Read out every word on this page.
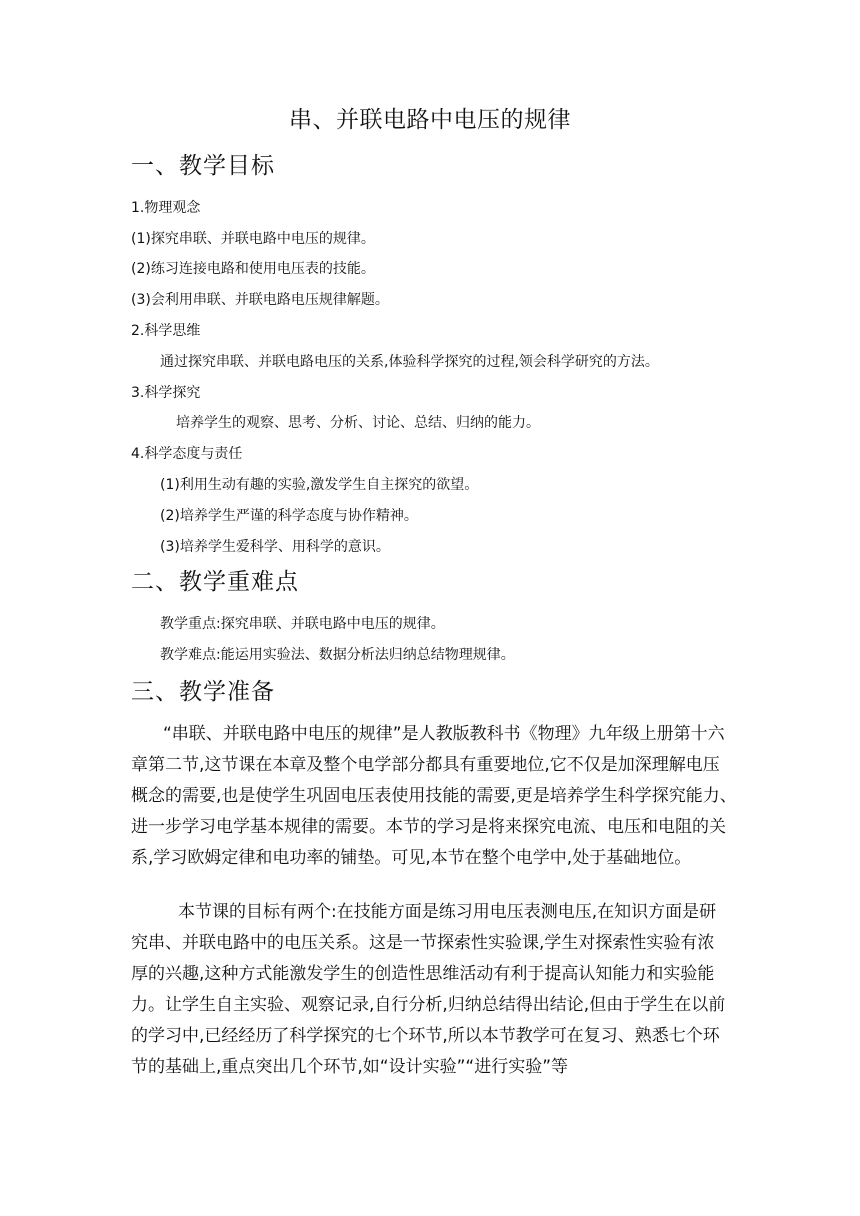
串、并联电路中电压的规律
一、教学目标
1.物理观念
(1)探究串联、并联电路中电压的规律。
(2)练习连接电路和使用电压表的技能。
(3)会利用串联、并联电路电压规律解题。
2.科学思维
通过探究串联、并联电路电压的关系,体验科学探究的过程,领会科学研究的方法。
3.科学探究
培养学生的观察、思考、分析、讨论、总结、归纳的能力。
4.科学态度与责任
(1)利用生动有趣的实验,激发学生自主探究的欲望。
(2)培养学生严谨的科学态度与协作精神。
(3)培养学生爱科学、用科学的意识。
二、教学重难点
教学重点:探究串联、并联电路中电压的规律。
教学难点:能运用实验法、数据分析法归纳总结物理规律。
三、教学准备
“串联、并联电路中电压的规律”是人教版教科书《物理》九年级上册第十六
章第二节,这节课在本章及整个电学部分都具有重要地位,它不仅是加深理解电压
概念的需要,也是使学生巩固电压表使用技能的需要,更是培养学生科学探究能力、
进一步学习电学基本规律的需要。本节的学习是将来探究电流、电压和电阻的关
系,学习欧姆定律和电功率的铺垫。可见,本节在整个电学中,处于基础地位。
本节课的目标有两个:在技能方面是练习用电压表测电压,在知识方面是研
究串、并联电路中的电压关系。这是一节探索性实验课,学生对探索性实验有浓
厚的兴趣,这种方式能激发学生的创造性思维活动有利于提高认知能力和实验能
力。让学生自主实验、观察记录,自行分析,归纳总结得出结论,但由于学生在以前
的学习中,已经经历了科学探究的七个环节,所以本节教学可在复习、熟悉七个环
节的基础上,重点突出几个环节,如“设计实验”“进行实验”等
